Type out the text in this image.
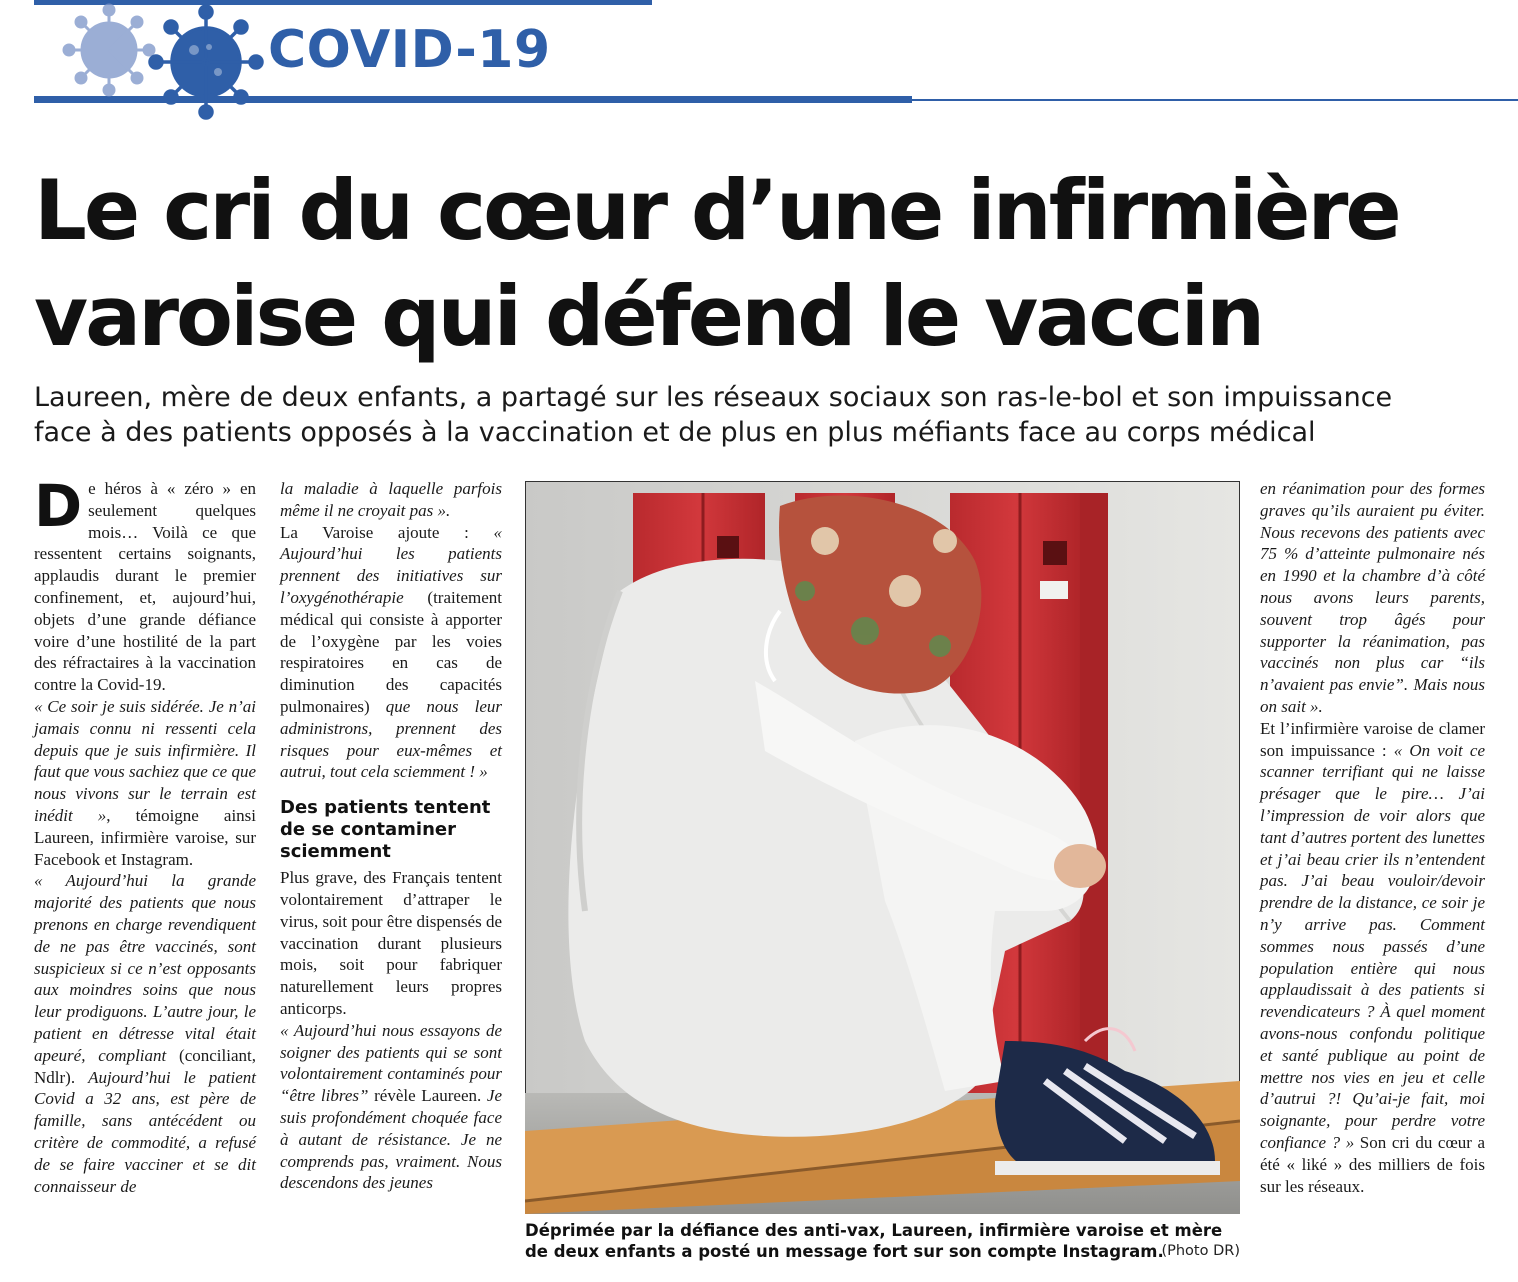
COVID-19
Le cri du cœur d’une infirmière
varoise qui défend le vaccin
Laureen, mère de deux enfants, a partagé sur les réseaux sociaux son ras-le-bol et son impuissance
face à des patients opposés à la vaccination et de plus en plus méfiants face au corps médical

De héros à « zéro » en seulement quelques mois… Voilà ce que ressentent certains soignants, applaudis durant le premier confinement, et, aujourd’hui, objets d’une grande défiance voire d’une hostilité de la part des réfractaires à la vaccination contre la Covid-19.

« Ce soir je suis sidérée. Je n’ai jamais connu ni ressenti cela depuis que je suis infirmière. Il faut que vous sachiez que ce que nous vivons sur le terrain est inédit », témoigne ainsi Laureen, infirmière varoise, sur Facebook et Instagram.

« Aujourd’hui la grande majorité des patients que nous prenons en charge revendiquent de ne pas être vaccinés, sont suspicieux si ce n’est opposants aux moindres soins que nous leur prodiguons. L’autre jour, le patient en détresse vital était apeuré, compliant (conciliant, Ndlr). Aujourd’hui le patient Covid a 32 ans, est père de famille, sans antécédent ou critère de commodité, a refusé de se faire vacciner et se dit connaisseur de

la maladie à laquelle parfois même il ne croyait pas ».

La Varoise ajoute : « Aujourd’hui les patients prennent des initiatives sur l’oxygénothérapie (traitement médical qui consiste à apporter de l’oxygène par les voies respiratoires en cas de diminution des capacités pulmonaires) que nous leur administrons, prennent des risques pour eux-mêmes et autrui, tout cela sciemment ! »

Des patients tentent de se contaminer sciemment

Plus grave, des Français tentent volontairement d’attraper le virus, soit pour être dispensés de vaccination durant plusieurs mois, soit pour fabriquer naturellement leurs propres anticorps.

« Aujourd’hui nous essayons de soigner des patients qui se sont volontairement contaminés pour “être libres” révèle Laureen. Je suis profondément choquée face à autant de résistance. Je ne comprends pas, vraiment. Nous descendons des jeunes

Déprimée par la défiance des anti-vax, Laureen, infirmière varoise et mère de deux enfants a posté un message fort sur son compte Instagram.
(Photo DR)

en réanimation pour des formes graves qu’ils auraient pu éviter. Nous recevons des patients avec 75 % d’atteinte pulmonaire nés en 1990 et la chambre d’à côté nous avons leurs parents, souvent trop âgés pour supporter la réanimation, pas vaccinés non plus car “ils n’avaient pas envie”. Mais nous on sait ».

Et l’infirmière varoise de clamer son impuissance : « On voit ce scanner terrifiant qui ne laisse présager que le pire… J’ai l’impression de voir alors que tant d’autres portent des lunettes et j’ai beau crier ils n’entendent pas. J’ai beau vouloir/devoir prendre de la distance, ce soir je n’y arrive pas. Comment sommes nous passés d’une population entière qui nous applaudissait à des patients si revendicateurs ? À quel moment avons-nous confondu politique et santé publique au point de mettre nos vies en jeu et celle d’autrui ?! Qu’ai-je fait, moi soignante, pour perdre votre confiance ? » Son cri du cœur a été « liké » des milliers de fois sur les réseaux.
